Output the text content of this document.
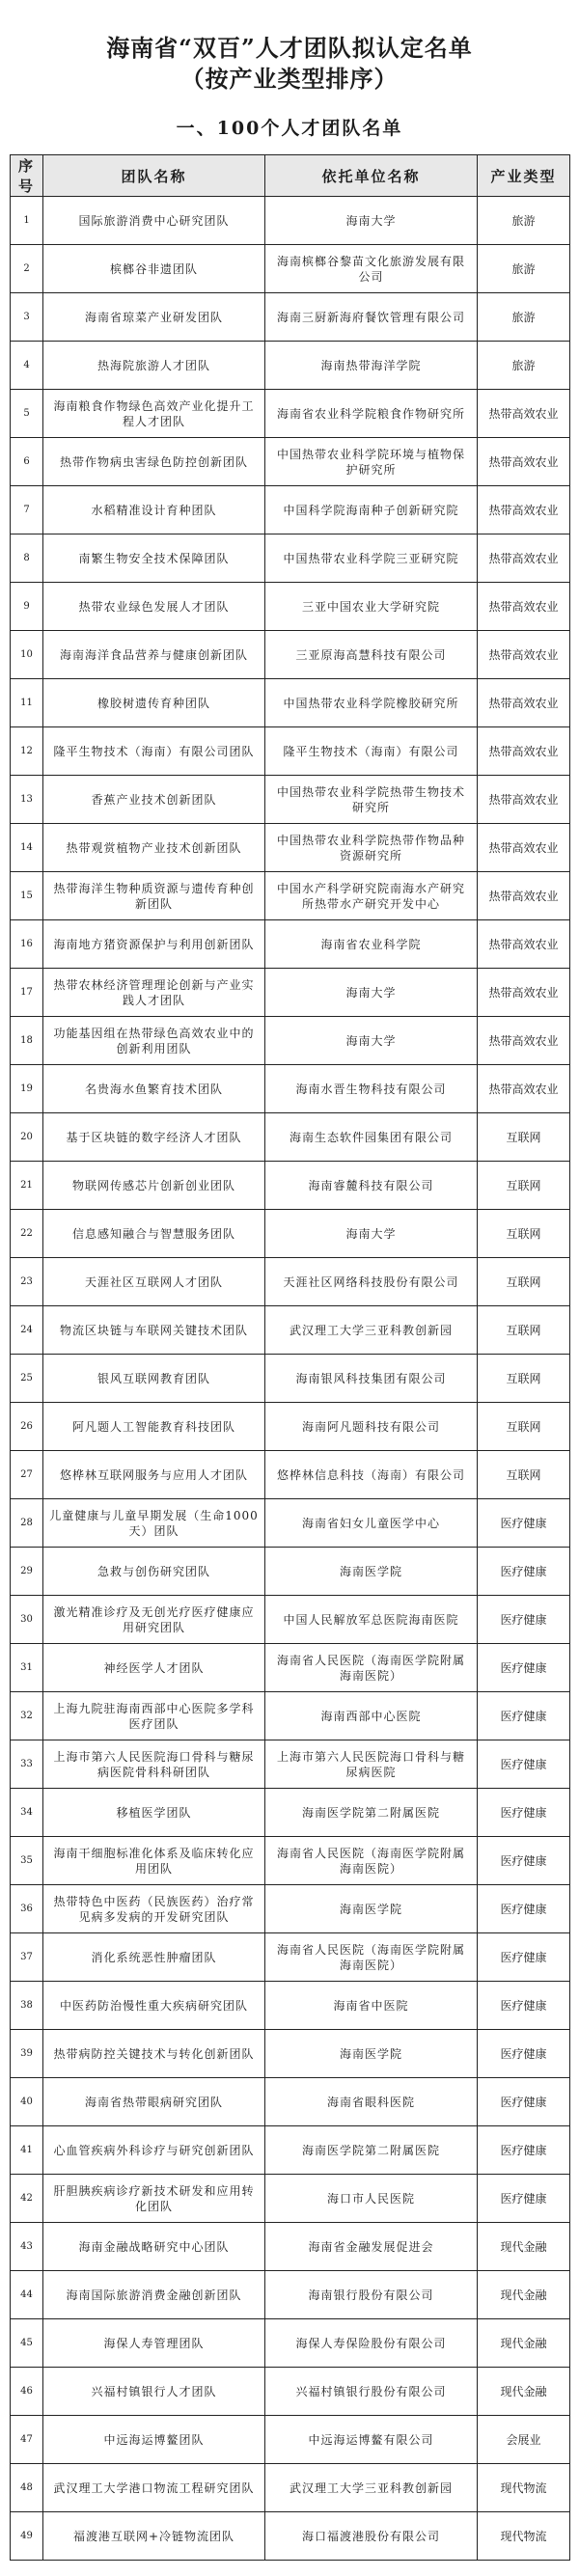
海南省“双百”人才团队拟认定名单
（按产业类型排序）
一、100个人才团队名单
序号	团队名称	依托单位名称	产业类型
1	国际旅游消费中心研究团队	海南大学	旅游
2	槟榔谷非遗团队	海南槟榔谷黎苗文化旅游发展有限公司	旅游
3	海南省琼菜产业研发团队	海南三厨新海府餐饮管理有限公司	旅游
4	热海院旅游人才团队	海南热带海洋学院	旅游
5	海南粮食作物绿色高效产业化提升工程人才团队	海南省农业科学院粮食作物研究所	热带高效农业
6	热带作物病虫害绿色防控创新团队	中国热带农业科学院环境与植物保护研究所	热带高效农业
7	水稻精准设计育种团队	中国科学院海南种子创新研究院	热带高效农业
8	南繁生物安全技术保障团队	中国热带农业科学院三亚研究院	热带高效农业
9	热带农业绿色发展人才团队	三亚中国农业大学研究院	热带高效农业
10	海南海洋食品营养与健康创新团队	三亚原海高慧科技有限公司	热带高效农业
11	橡胶树遗传育种团队	中国热带农业科学院橡胶研究所	热带高效农业
12	隆平生物技术（海南）有限公司团队	隆平生物技术（海南）有限公司	热带高效农业
13	香蕉产业技术创新团队	中国热带农业科学院热带生物技术研究所	热带高效农业
14	热带观赏植物产业技术创新团队	中国热带农业科学院热带作物品种资源研究所	热带高效农业
15	热带海洋生物种质资源与遗传育种创新团队	中国水产科学研究院南海水产研究所热带水产研究开发中心	热带高效农业
16	海南地方猪资源保护与利用创新团队	海南省农业科学院	热带高效农业
17	热带农林经济管理理论创新与产业实践人才团队	海南大学	热带高效农业
18	功能基因组在热带绿色高效农业中的创新利用团队	海南大学	热带高效农业
19	名贵海水鱼繁育技术团队	海南水晋生物科技有限公司	热带高效农业
20	基于区块链的数字经济人才团队	海南生态软件园集团有限公司	互联网
21	物联网传感芯片创新创业团队	海南睿麓科技有限公司	互联网
22	信息感知融合与智慧服务团队	海南大学	互联网
23	天涯社区互联网人才团队	天涯社区网络科技股份有限公司	互联网
24	物流区块链与车联网关键技术团队	武汉理工大学三亚科教创新园	互联网
25	银风互联网教育团队	海南银风科技集团有限公司	互联网
26	阿凡题人工智能教育科技团队	海南阿凡题科技有限公司	互联网
27	悠桦林互联网服务与应用人才团队	悠桦林信息科技（海南）有限公司	互联网
28	儿童健康与儿童早期发展（生命1000天）团队	海南省妇女儿童医学中心	医疗健康
29	急救与创伤研究团队	海南医学院	医疗健康
30	激光精准诊疗及无创光疗医疗健康应用研究团队	中国人民解放军总医院海南医院	医疗健康
31	神经医学人才团队	海南省人民医院（海南医学院附属海南医院）	医疗健康
32	上海九院驻海南西部中心医院多学科医疗团队	海南西部中心医院	医疗健康
33	上海市第六人民医院海口骨科与糖尿病医院骨科科研团队	上海市第六人民医院海口骨科与糖尿病医院	医疗健康
34	移植医学团队	海南医学院第二附属医院	医疗健康
35	海南干细胞标准化体系及临床转化应用团队	海南省人民医院（海南医学院附属海南医院）	医疗健康
36	热带特色中医药（民族医药）治疗常见病多发病的开发研究团队	海南医学院	医疗健康
37	消化系统恶性肿瘤团队	海南省人民医院（海南医学院附属海南医院）	医疗健康
38	中医药防治慢性重大疾病研究团队	海南省中医院	医疗健康
39	热带病防控关键技术与转化创新团队	海南医学院	医疗健康
40	海南省热带眼病研究团队	海南省眼科医院	医疗健康
41	心血管疾病外科诊疗与研究创新团队	海南医学院第二附属医院	医疗健康
42	肝胆胰疾病诊疗新技术研发和应用转化团队	海口市人民医院	医疗健康
43	海南金融战略研究中心团队	海南省金融发展促进会	现代金融
44	海南国际旅游消费金融创新团队	海南银行股份有限公司	现代金融
45	海保人寿管理团队	海保人寿保险股份有限公司	现代金融
46	兴福村镇银行人才团队	兴福村镇银行股份有限公司	现代金融
47	中远海运博鳌团队	中远海运博鳌有限公司	会展业
48	武汉理工大学港口物流工程研究团队	武汉理工大学三亚科教创新园	现代物流
49	福渡港互联网+冷链物流团队	海口福渡港股份有限公司	现代物流
